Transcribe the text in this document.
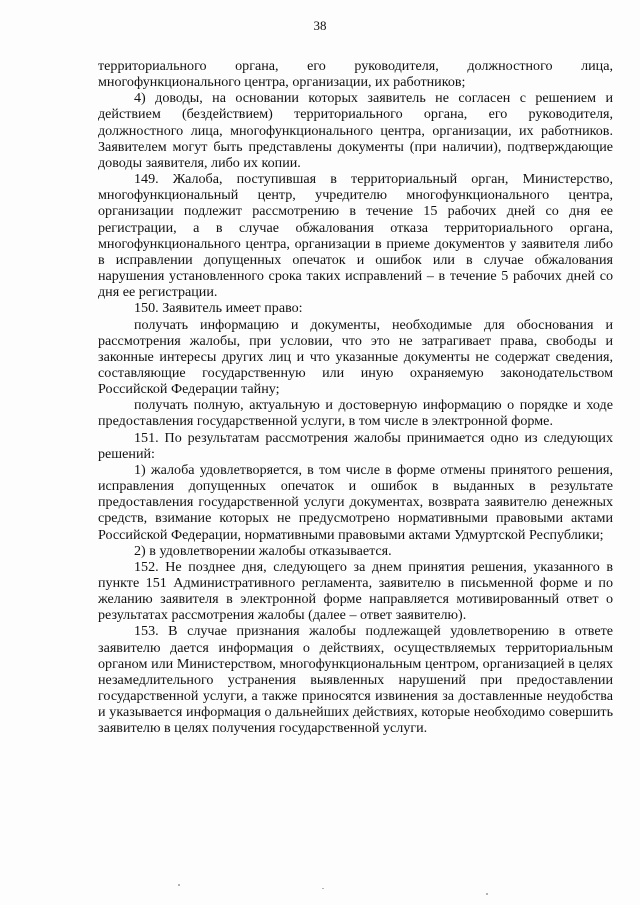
38

территориального органа, его руководителя, должностного лица, многофункционального центра, организации, их работников;

4) доводы, на основании которых заявитель не согласен с решением и действием (бездействием) территориального органа, его руководителя, должностного лица, многофункционального центра, организации, их работников. Заявителем могут быть представлены документы (при наличии), подтверждающие доводы заявителя, либо их копии.

149. Жалоба, поступившая в территориальный орган, Министерство, многофункциональный центр, учредителю многофункционального центра, организации подлежит рассмотрению в течение 15 рабочих дней со дня ее регистрации, а в случае обжалования отказа территориального органа, многофункционального центра, организации в приеме документов у заявителя либо в исправлении допущенных опечаток и ошибок или в случае обжалования нарушения установленного срока таких исправлений – в течение 5 рабочих дней со дня ее регистрации.

150. Заявитель имеет право:

получать информацию и документы, необходимые для обоснования и рассмотрения жалобы, при условии, что это не затрагивает права, свободы и законные интересы других лиц и что указанные документы не содержат сведения, составляющие государственную или иную охраняемую законодательством Российской Федерации тайну;

получать полную, актуальную и достоверную информацию о порядке и ходе предоставления государственной услуги, в том числе в электронной форме.

151. По результатам рассмотрения жалобы принимается одно из следующих решений:

1) жалоба удовлетворяется, в том числе в форме отмены принятого решения, исправления допущенных опечаток и ошибок в выданных в результате предоставления государственной услуги документах, возврата заявителю денежных средств, взимание которых не предусмотрено нормативными правовыми актами Российской Федерации, нормативными правовыми актами Удмуртской Республики;

2) в удовлетворении жалобы отказывается.

152. Не позднее дня, следующего за днем принятия решения, указанного в пункте 151 Административного регламента, заявителю в письменной форме и по желанию заявителя в электронной форме направляется мотивированный ответ о результатах рассмотрения жалобы (далее – ответ заявителю).

153. В случае признания жалобы подлежащей удовлетворению в ответе заявителю дается информация о действиях, осуществляемых территориальным органом или Министерством, многофункциональным центром, организацией в целях незамедлительного устранения выявленных нарушений при предоставлении государственной услуги, а также приносятся извинения за доставленные неудобства и указывается информация о дальнейших действиях, которые необходимо совершить заявителю в целях получения государственной услуги.
